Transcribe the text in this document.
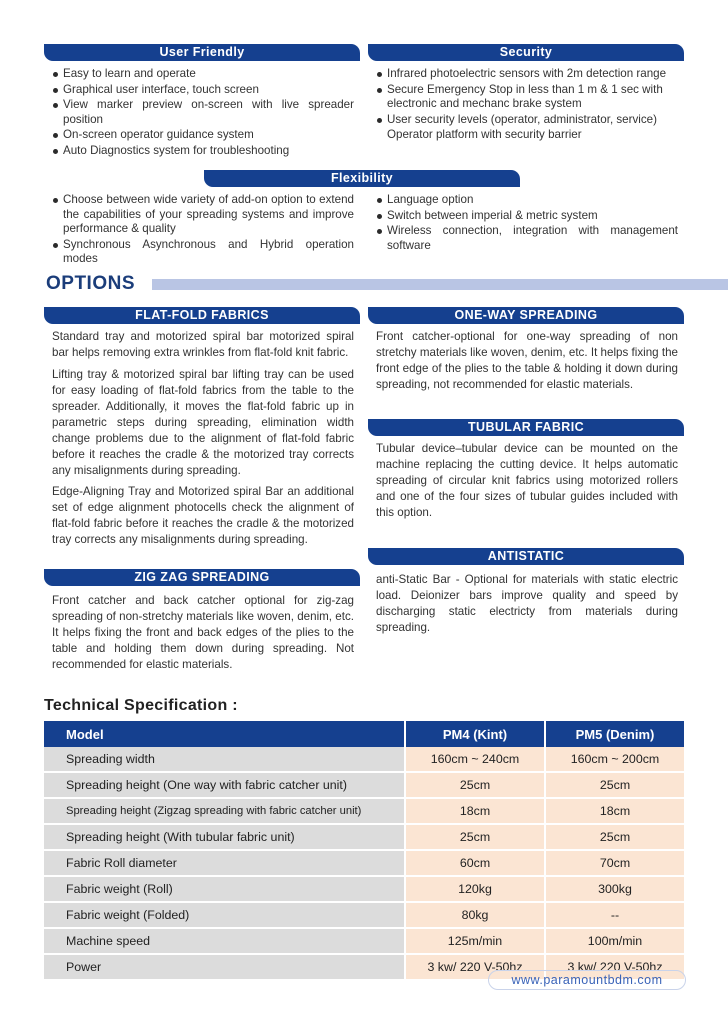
User Friendly
Easy to learn and operate
Graphical user interface, touch screen
View marker preview on-screen with live spreader position
On-screen operator guidance system
Auto Diagnostics system for troubleshooting
Security
Infrared photoelectric sensors with 2m detection range
Secure Emergency Stop in less than 1 m & 1 sec with electronic and mechanc brake system
User security levels (operator, administrator, service)
Operator platform with security barrier
Flexibility
Choose between wide variety of add-on option to extend the capabilities of your spreading systems and improve performance & quality
Synchronous Asynchronous and Hybrid operation modes
Language option
Switch between imperial & metric system
Wireless connection, integration with management software
OPTIONS
FLAT-FOLD FABRICS

Standard tray and motorized spiral bar motorized spiral bar helps removing extra wrinkles from flat-fold knit fabric.

Lifting tray & motorized spiral bar lifting tray can be used for easy loading of flat-fold fabrics from the table to the spreader. Additionally, it moves the flat-fold fabric up in parametric steps during spreading, elimination width change problems due to the alignment of flat-fold fabric before it reaches the cradle & the motorized tray corrects any misalignments during spreading.

Edge-Aligning Tray and Motorized spiral Bar an additional set of edge alignment photocells check the alignment of flat-fold fabric before it reaches the cradle & the motorized tray corrects any misalignments during spreading.

ZIG ZAG SPREADING

Front catcher and back catcher optional for zig-zag spreading of non-stretchy materials like woven, denim, etc. It helps fixing the front and back edges of the plies to the table and holding them down during spreading. Not recommended for elastic materials.

ONE-WAY SPREADING

Front catcher-optional for one-way spreading of non stretchy materials like woven, denim, etc. It helps fixing the front edge of the plies to the table & holding it down during spreading, not recommended for elastic materials.

TUBULAR FABRIC

Tubular device–tubular device can be mounted on the machine replacing the cutting device. It helps automatic spreading of circular knit fabrics using motorized rollers and one of the four sizes of tubular guides included with this option.

ANTISTATIC

anti-Static Bar - Optional for materials with static electric load. Deionizer bars improve quality and speed by discharging static electricty from materials during spreading.

Technical Specification :
Model	PM4 (Kint)	PM5 (Denim)
Spreading width	160cm ~ 240cm	160cm ~ 200cm
Spreading height (One way with fabric catcher unit)	25cm	25cm
Spreading height (Zigzag spreading with fabric catcher unit)	18cm	18cm
Spreading height (With tubular fabric unit)	25cm	25cm
Fabric Roll diameter	60cm	70cm
Fabric weight (Roll)	120kg	300kg
Fabric weight (Folded)	80kg	--
Machine speed	125m/min	100m/min
Power	3 kw/ 220 V-50hz	3 kw/ 220 V-50hz
www.paramountbdm.com
